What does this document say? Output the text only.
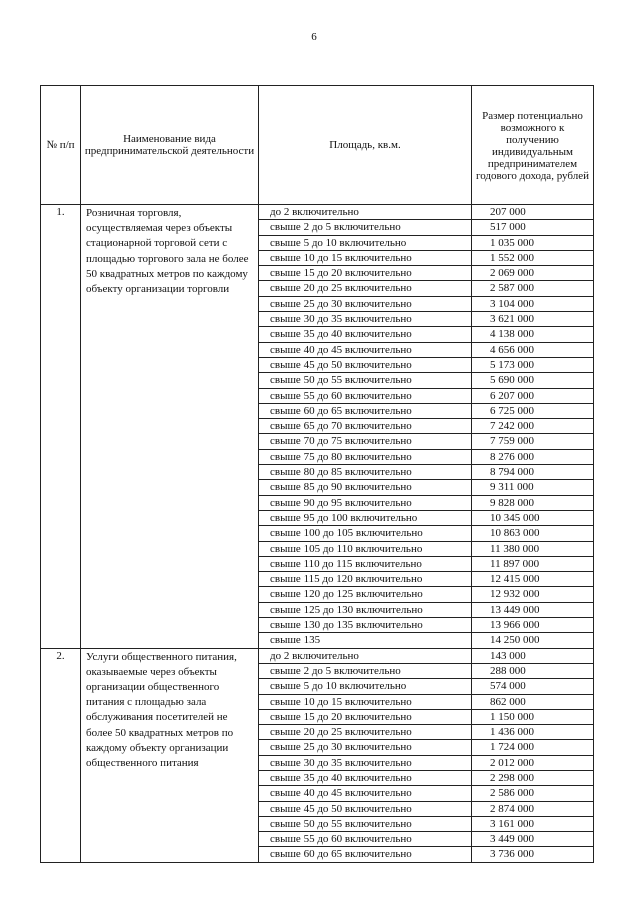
6
№ п/п	Наименование вида предпринимательской деятельности	Площадь, кв.м.	Размер потенциально возможного к получению индивидуальным предпринимателем годового дохода, рублей
1.	Розничная торговля, осуществляемая через объекты стационарной торговой сети с площадью торгового зала не более 50 квадратных метров по каждому объекту организации торговли	до 2 включительно	207 000
		свыше 2 до 5 включительно	517 000
		свыше 5 до 10 включительно	1 035 000
		свыше 10 до 15 включительно	1 552 000
		свыше 15 до 20 включительно	2 069 000
		свыше 20 до 25 включительно	2 587 000
		свыше 25 до 30 включительно	3 104 000
		свыше 30 до 35 включительно	3 621 000
		свыше 35 до 40 включительно	4 138 000
		свыше 40 до 45 включительно	4 656 000
		свыше 45 до 50 включительно	5 173 000
		свыше 50 до 55 включительно	5 690 000
		свыше 55 до 60 включительно	6 207 000
		свыше 60 до 65 включительно	6 725 000
		свыше 65 до 70 включительно	7 242 000
		свыше 70 до 75 включительно	7 759 000
		свыше 75 до 80 включительно	8 276 000
		свыше 80 до 85 включительно	8 794 000
		свыше 85 до 90 включительно	9 311 000
		свыше 90 до 95 включительно	9 828 000
		свыше 95 до 100 включительно	10 345 000
		свыше 100 до 105 включительно	10 863 000
		свыше 105 до 110 включительно	11 380 000
		свыше 110 до 115 включительно	11 897 000
		свыше 115 до 120 включительно	12 415 000
		свыше 120 до 125 включительно	12 932 000
		свыше 125 до 130 включительно	13 449 000
		свыше 130 до 135 включительно	13 966 000
		свыше 135	14 250 000
2.	Услуги общественного питания, оказываемые через объекты организации общественного питания с площадью зала обслуживания посетителей не более 50 квадратных метров по каждому объекту организации общественного питания	до 2 включительно	143 000
		свыше 2 до 5 включительно	288 000
		свыше 5 до 10 включительно	574 000
		свыше 10 до 15 включительно	862 000
		свыше 15 до 20 включительно	1 150 000
		свыше 20 до 25 включительно	1 436 000
		свыше 25 до 30 включительно	1 724 000
		свыше 30 до 35 включительно	2 012 000
		свыше 35 до 40 включительно	2 298 000
		свыше 40 до 45 включительно	2 586 000
		свыше 45 до 50 включительно	2 874 000
		свыше 50 до 55 включительно	3 161 000
		свыше 55 до 60 включительно	3 449 000
		свыше 60 до 65 включительно	3 736 000
